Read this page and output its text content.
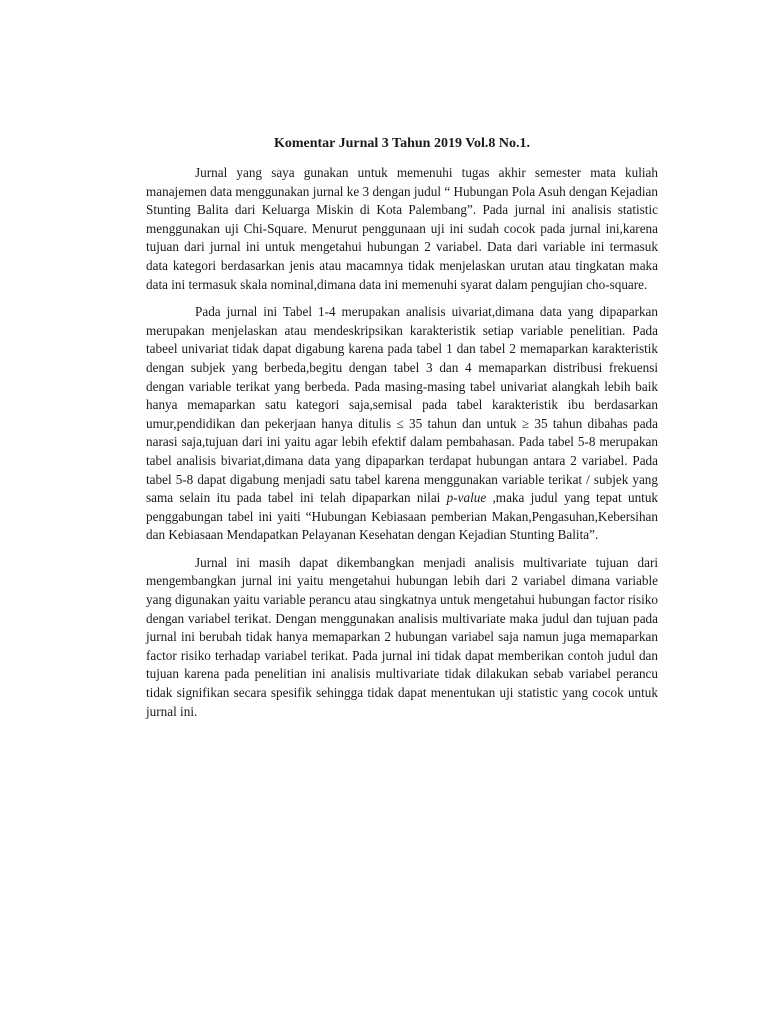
Komentar Jurnal 3 Tahun 2019 Vol.8 No.1.

Jurnal yang saya gunakan untuk memenuhi tugas akhir semester mata kuliah manajemen data menggunakan jurnal ke 3 dengan judul “ Hubungan Pola Asuh dengan Kejadian Stunting Balita dari Keluarga Miskin di Kota Palembang”. Pada jurnal ini analisis statistic menggunakan uji Chi-Square. Menurut penggunaan uji ini sudah cocok pada jurnal ini,karena tujuan dari jurnal ini untuk mengetahui hubungan 2 variabel. Data dari variable ini termasuk data kategori berdasarkan jenis atau macamnya tidak menjelaskan urutan atau tingkatan maka data ini termasuk skala nominal,dimana data ini memenuhi syarat dalam pengujian cho-square.

Pada jurnal ini Tabel 1-4 merupakan analisis uivariat,dimana data yang dipaparkan merupakan menjelaskan atau mendeskripsikan karakteristik setiap variable penelitian. Pada tabeel univariat tidak dapat digabung karena pada tabel 1 dan tabel 2 memaparkan karakteristik dengan subjek yang berbeda,begitu dengan tabel 3 dan 4 memaparkan distribusi frekuensi dengan variable terikat yang berbeda. Pada masing-masing tabel univariat alangkah lebih baik hanya memaparkan satu kategori saja,semisal pada tabel karakteristik ibu berdasarkan umur,pendidikan dan pekerjaan hanya ditulis ≤ 35 tahun dan untuk ≥ 35 tahun dibahas pada narasi saja,tujuan dari ini yaitu agar lebih efektif dalam pembahasan. Pada tabel 5-8 merupakan tabel analisis bivariat,dimana data yang dipaparkan terdapat hubungan antara 2 variabel. Pada tabel 5-8 dapat digabung menjadi satu tabel karena menggunakan variable terikat / subjek yang sama selain itu pada tabel ini telah dipaparkan nilai p-value ,maka judul yang tepat untuk penggabungan tabel ini yaiti “Hubungan Kebiasaan pemberian Makan,Pengasuhan,Kebersihan dan Kebiasaan Mendapatkan Pelayanan Kesehatan dengan Kejadian Stunting Balita”.

Jurnal ini masih dapat dikembangkan menjadi analisis multivariate tujuan dari mengembangkan jurnal ini yaitu mengetahui hubungan lebih dari 2 variabel dimana variable yang digunakan yaitu variable perancu atau singkatnya untuk mengetahui hubungan factor risiko dengan variabel terikat. Dengan menggunakan analisis multivariate maka judul dan tujuan pada jurnal ini berubah tidak hanya memaparkan 2 hubungan variabel saja namun juga memaparkan factor risiko terhadap variabel terikat. Pada jurnal ini tidak dapat memberikan contoh judul dan tujuan karena pada penelitian ini analisis multivariate tidak dilakukan sebab variabel perancu tidak signifikan secara spesifik sehingga tidak dapat menentukan uji statistic yang cocok untuk jurnal ini.
